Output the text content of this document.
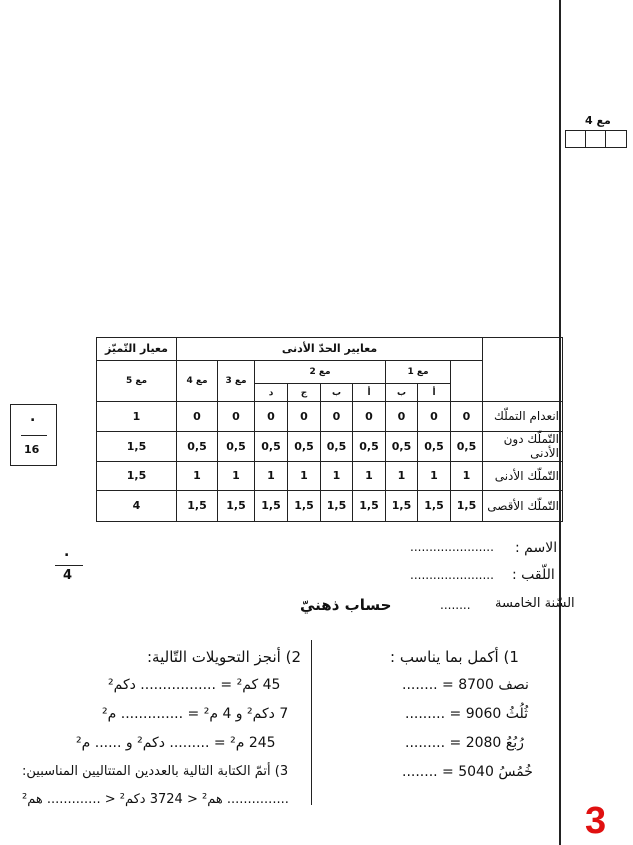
مع 4
معيار التّميّز	معايير الحدّ الأدنى									
مع 5	مع 4	مع 3	مع 2				مع 1			
			د	ج	ب	أ	ب	أ		
1	0	0	0	0	0	0	0	0	0	انعدام التملّك
1,5	0,5	0,5	0,5	0,5	0,5	0,5	0,5	0,5	0,5	التّملّك دون الأدنى
1,5	1	1	1	1	1	1	1	1	1	التّملّك الأدنى
4	1,5	1,5	1,5	1,5	1,5	1,5	1,5	1,5	1,5	التّملّك الأقصى
.
16
.
4
...................... الاسم :
...................... اللّقب :
........ السّنة الخامسة
حساب ذهنيّ
1) أكمل بما يناسب :
نصف 8700 = ........
ثُلُثُ 9060 = .........
رُبُعُ 2080 = .........
خُمُسُ 5040 = ........
2) أنجز التحويلات التّالية:
45 كم² = ................. دكم²
7 دكم² و 4 م² = .............. م²
245 م² = ......... دكم² و ...... م²
3) أتمّ الكتابة التالية بالعددين المتتاليين المناسبين:
............... هم² < 3724 دكم² < ............. هم²
3
